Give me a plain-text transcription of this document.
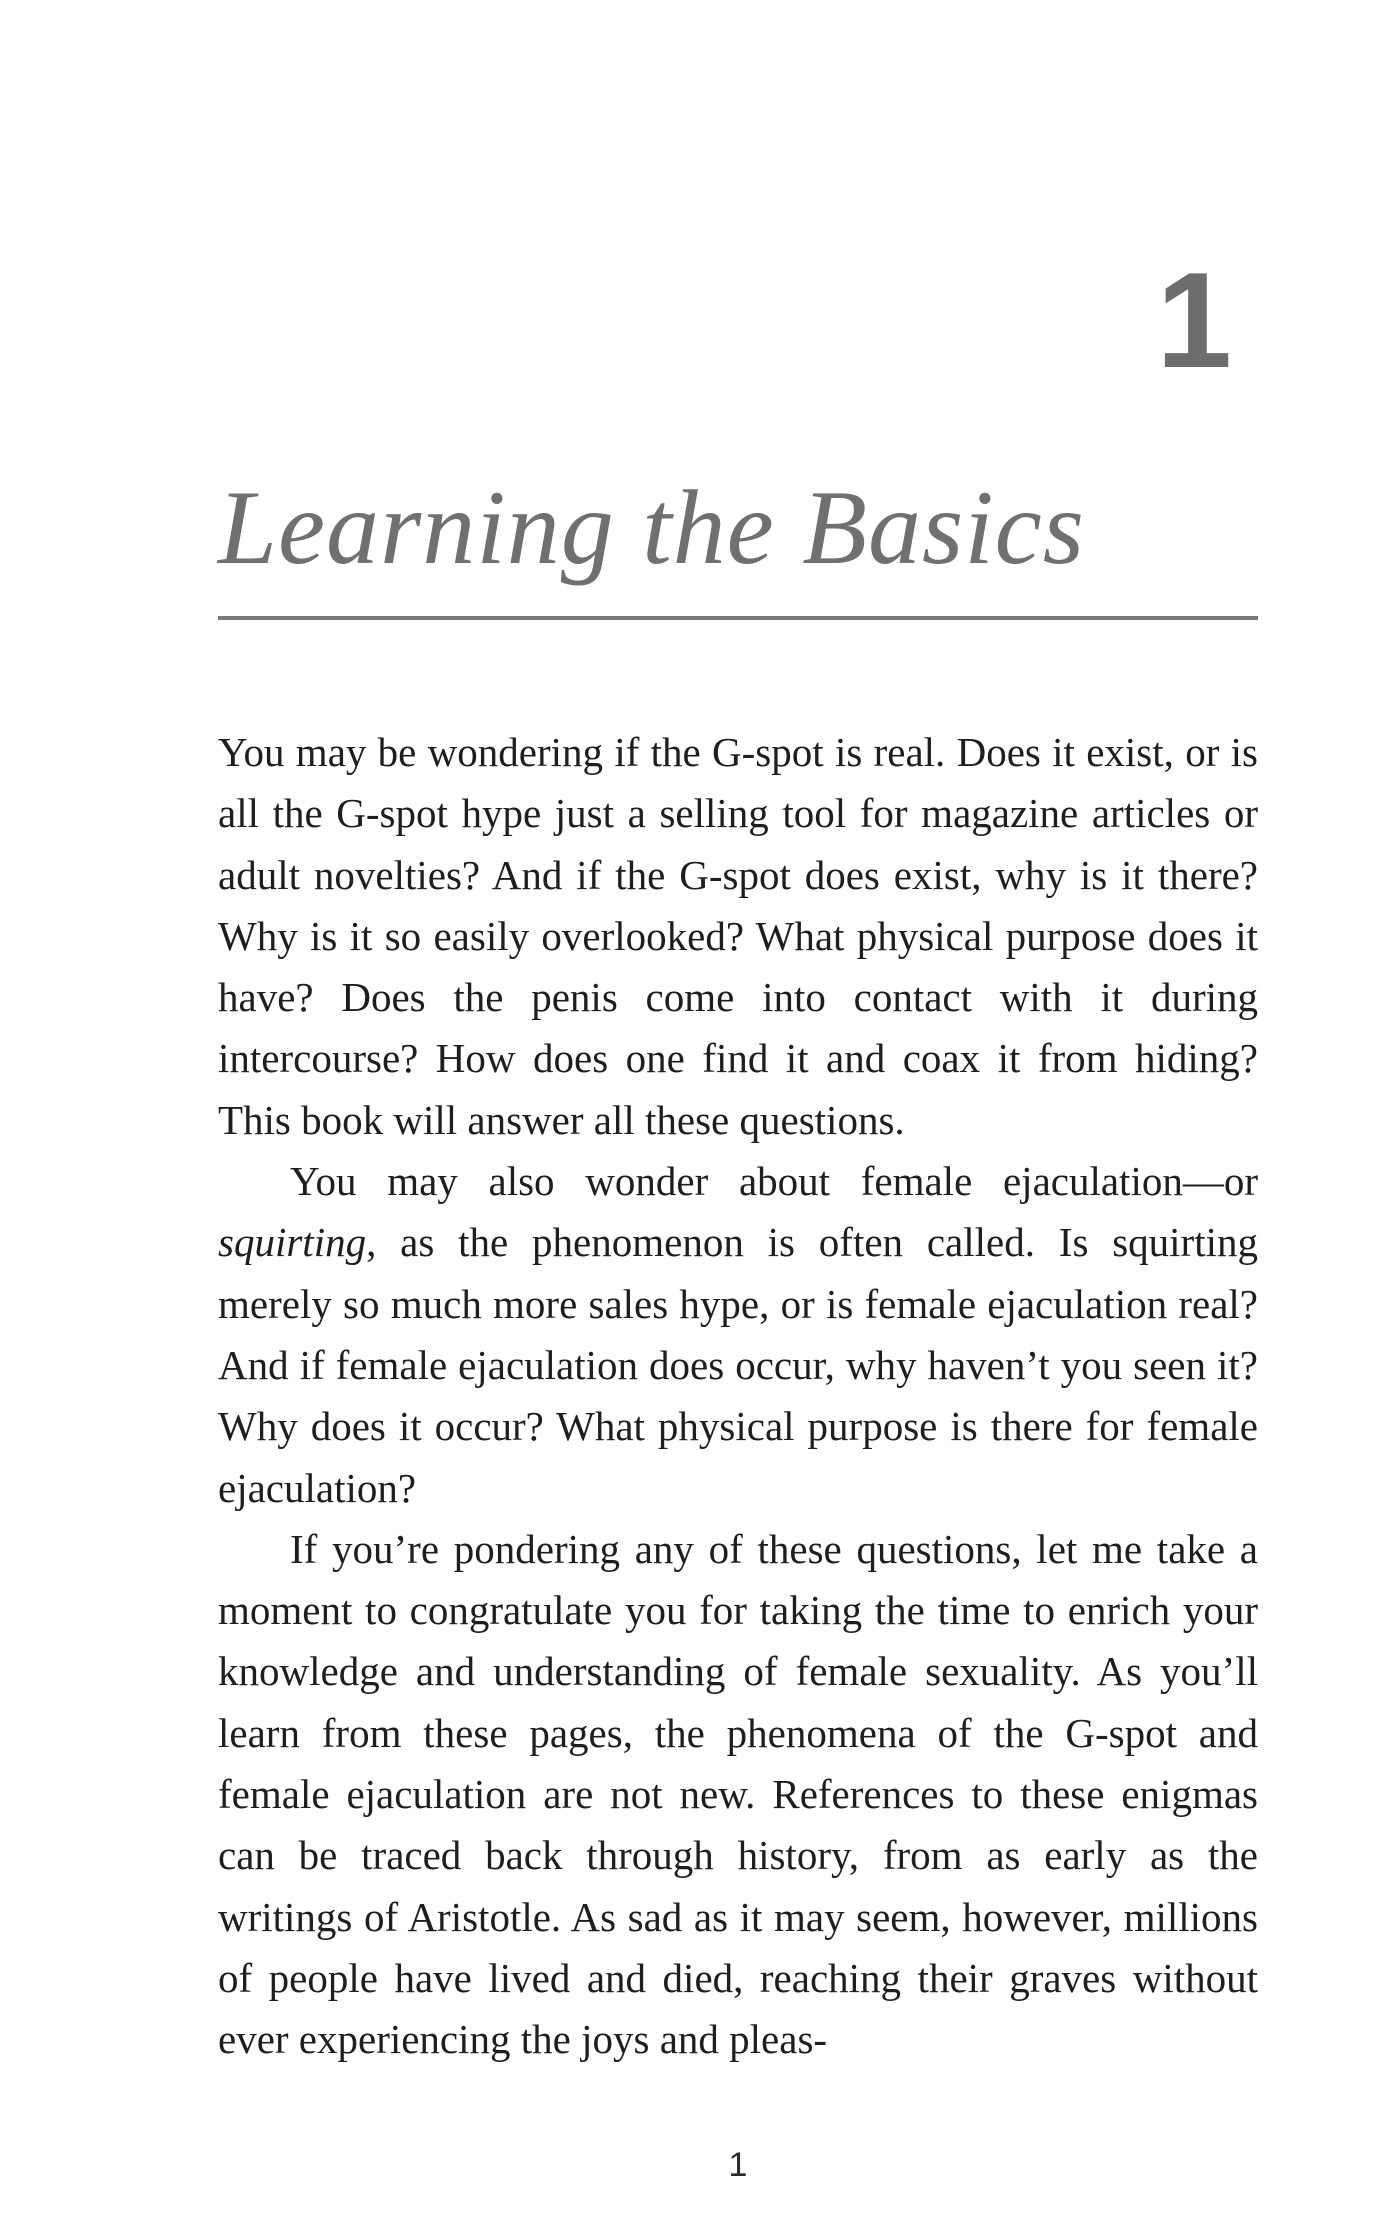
1
Learning the Basics

You may be wondering if the G-spot is real. Does it exist, or is all the G-spot hype just a selling tool for magazine articles or adult novelties? And if the G-spot does exist, why is it there? Why is it so easily overlooked? What physical purpose does it have? Does the penis come into contact with it during intercourse? How does one find it and coax it from hiding? This book will answer all these questions.

You may also wonder about female ejaculation—or squirting, as the phenomenon is often called. Is squirting merely so much more sales hype, or is female ejaculation real? And if female ejaculation does occur, why haven’t you seen it? Why does it occur? What physical purpose is there for female ejaculation?

If you’re pondering any of these questions, let me take a moment to congratulate you for taking the time to enrich your knowledge and understanding of female sexuality. As you’ll learn from these pages, the phenomena of the G-spot and female ejaculation are not new. References to these enigmas can be traced back through history, from as early as the writings of Aristotle. As sad as it may seem, however, millions of people have lived and died, reaching their graves without ever experiencing the joys and pleas-

1
